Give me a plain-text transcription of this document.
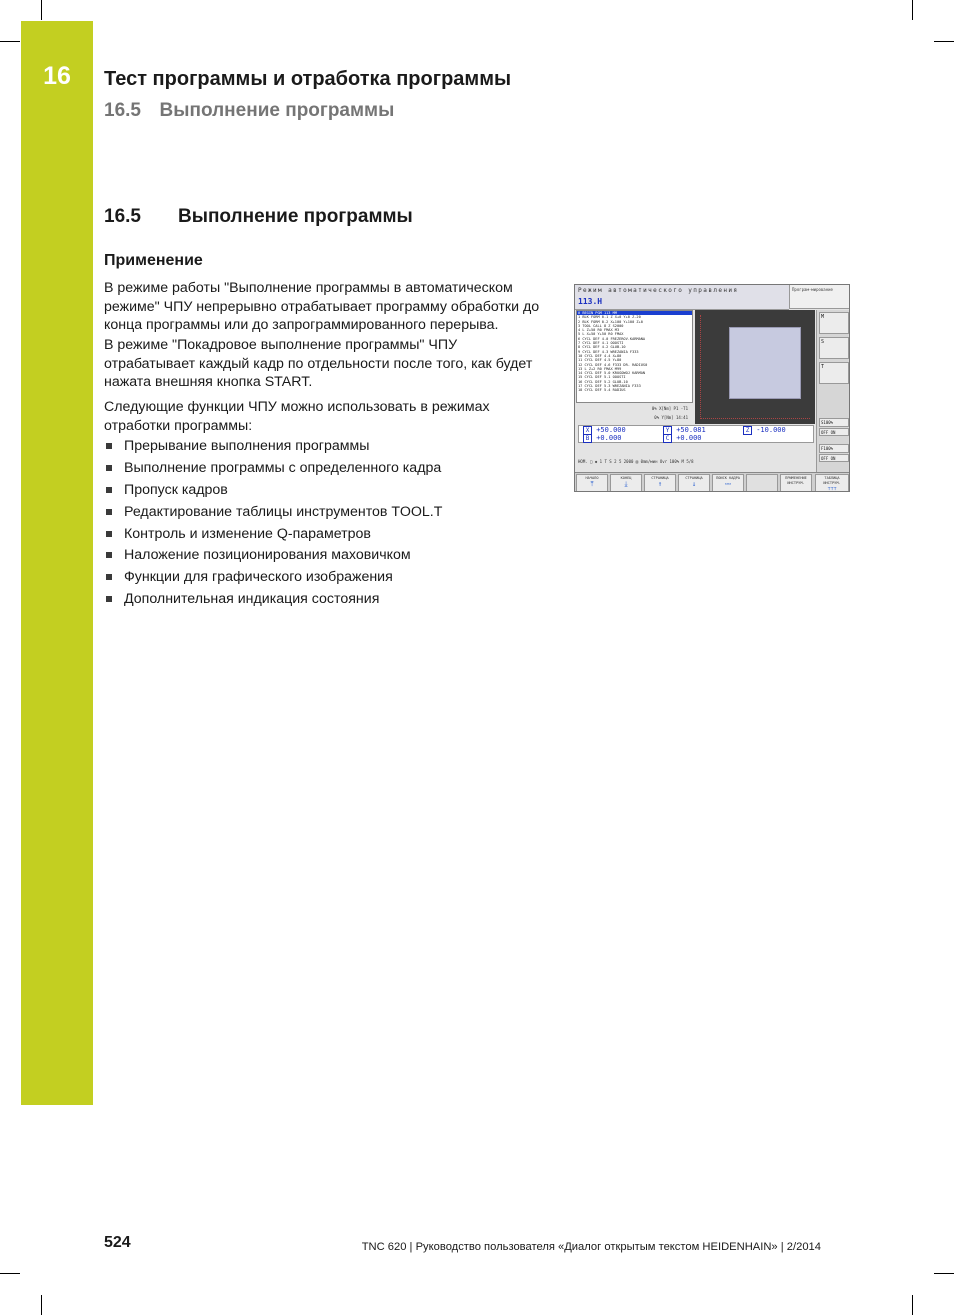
16	Тест программы и отработка программы
16.5 Выполнение программы
16.5 Выполнение программы
Применение
В режиме работы "Выполнение программы в автоматическом режиме" ЧПУ непрерывно отрабатывает программу обработки до конца программы или до запрограммированного перерыва.
В режиме "Покадровое выполнение программы" ЧПУ отрабатывает каждый кадр по отдельности после того, как будет нажата внешняя кнопка START.
Следующие функции ЧПУ можно использовать в режимах отработки программы:
Прерывание выполнения программы
Выполнение программы с определенного кадра
Пропуск кадров
Редактирование таблицы инструментов TOOL.T
Контроль и изменение Q-параметров
Наложение позиционирования маховичком
Функции для графического изображения
Дополнительная индикация состояния
Режим автоматического управления
113.H
Програм-мирование
0 BEGIN PGM 113 MM
1 BLK FORM 0.1 Z X+0 Y+0 Z-20
2 BLK FORM 0.2 X+100 Y+100 Z+0
3 TOOL CALL 8 Z S2000
4 L Z+50 R0 FMAX M3
5 L X+50 Y+50 R0 FMAX
6 CYCL DEF 4.0 FREZEROV.KARMANA
7 CYCL DEF 4.1 OOOSTI
8 CYCL DEF 4.2 GLUB-10
9 CYCL DEF 4.3 WREZANIA F333
10 CYCL DEF 4.4 X+80
11 CYCL DEF 4.5 Y+80
12 CYCL DEF 4.6 F333 DR- RADIUS0
13 L Z+2 R0 FMAX M99
14 CYCL DEF 5.0 KRUGOWOJ KARMAN
15 CYCL DEF 5.1 OOOSTI
16 CYCL DEF 5.2 GLUB-10
17 CYCL DEF 5.3 WREZANIA F333
18 CYCL DEF 5.4 RADIUS
0% X[Nm] P1 -T1
0% Y[Nm] 14:41
M
S
T
S100%
OFF ON
F100%
OFF ON
X +50.000	Y +50.081	Z -10.000
B +0.000	C +0.000
НОМ. □ ◆ 1 T S 2 5 2000 ▤ 0mm/мин Ovr 100% M 5/8
НАЧАЛО
⤒
КОНЕЦ
⤓
СТРАНИЦА
↑
СТРАНИЦА
↓
ПОИСК КАДРА
▭▭
ПРИМЕНЕНИЕ ИНСТРУМ.
ТАБЛИЦА ИНСТРУМ.
⊤⊤⊤
524	TNC 620 | Руководство пользователя «Диалог открытым текстом HEIDENHAIN» | 2/2014
